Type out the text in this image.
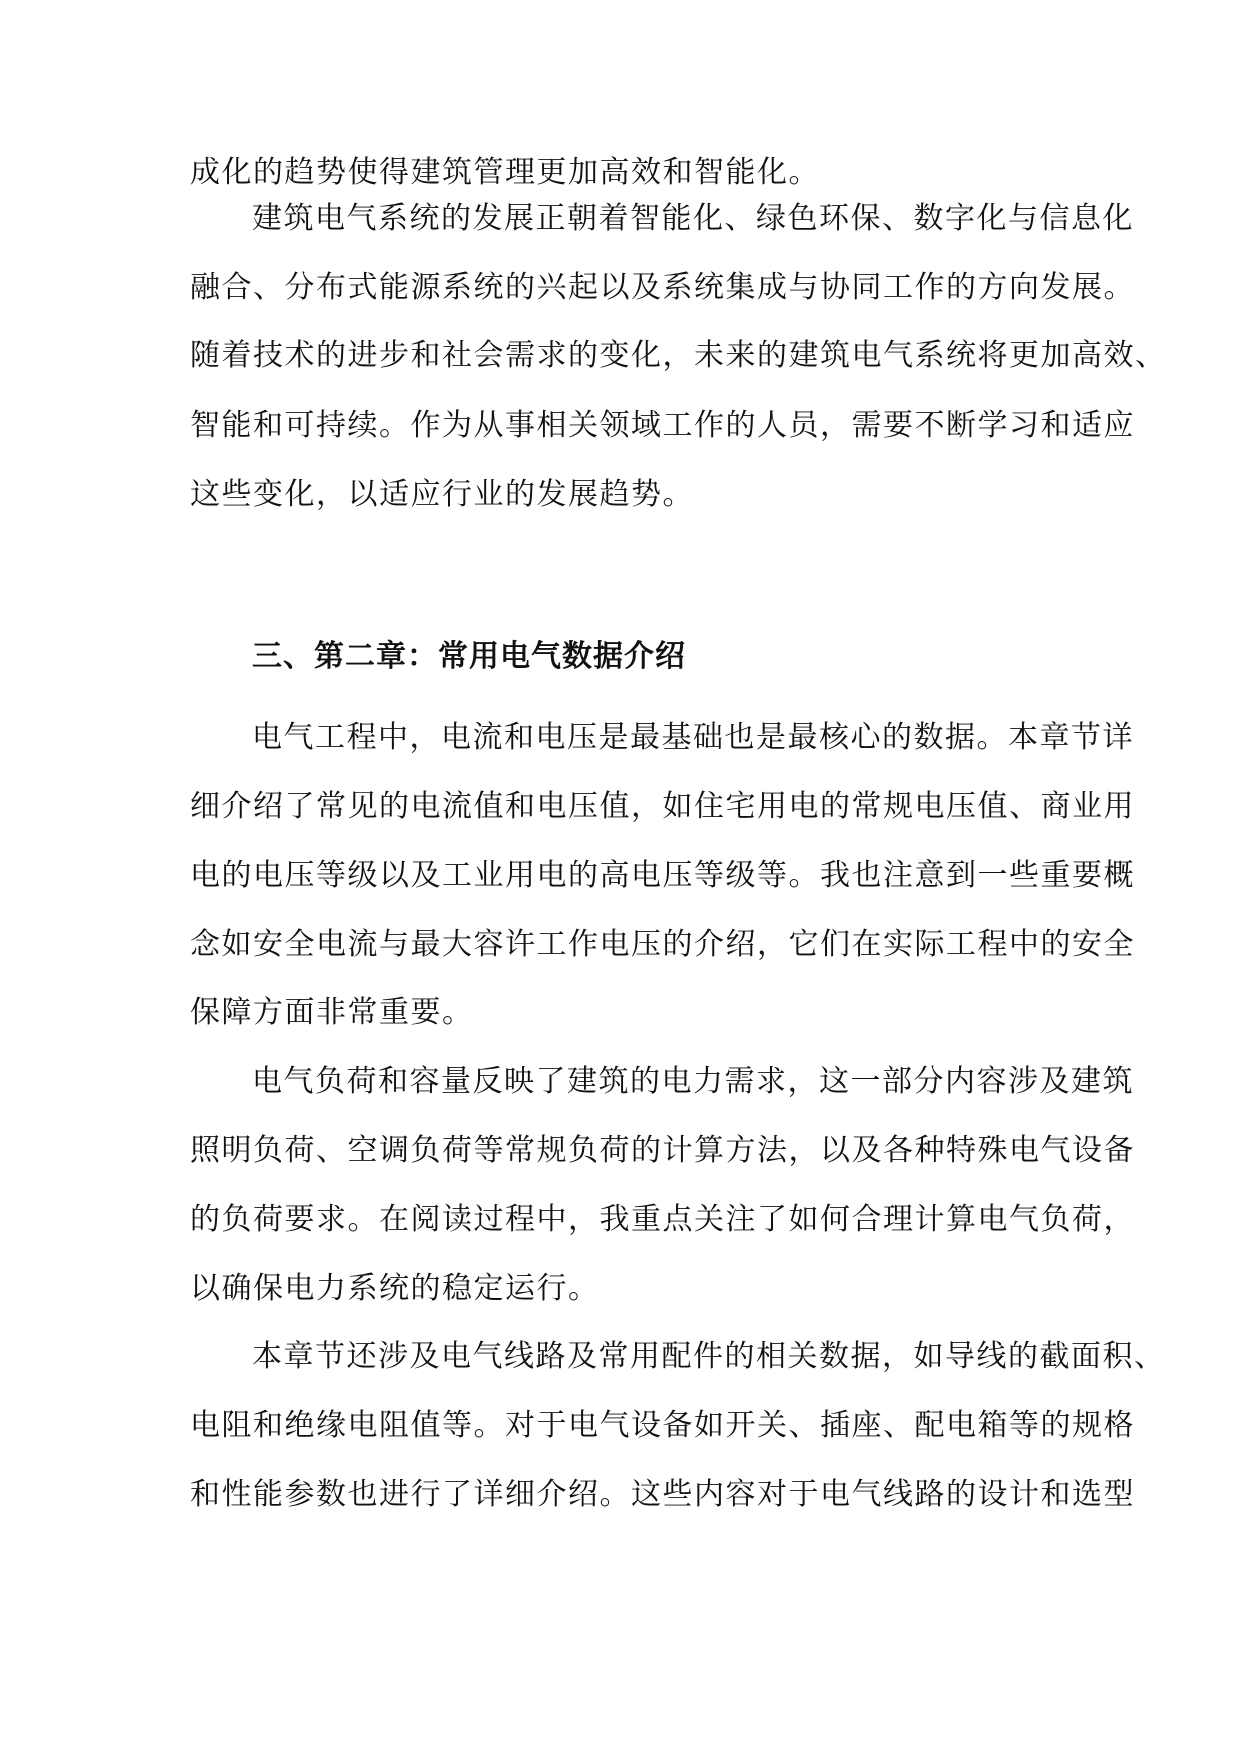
成化的趋势使得建筑管理更加高效和智能化。
建筑电气系统的发展正朝着智能化、绿色环保、数字化与信息化
融合、分布式能源系统的兴起以及系统集成与协同工作的方向发展。
随着技术的进步和社会需求的变化，未来的建筑电气系统将更加高效、
智能和可持续。作为从事相关领域工作的人员，需要不断学习和适应
这些变化，以适应行业的发展趋势。
三、第二章：常用电气数据介绍
电气工程中，电流和电压是最基础也是最核心的数据。本章节详
细介绍了常见的电流值和电压值，如住宅用电的常规电压值、商业用
电的电压等级以及工业用电的高电压等级等。我也注意到一些重要概
念如安全电流与最大容许工作电压的介绍，它们在实际工程中的安全
保障方面非常重要。
电气负荷和容量反映了建筑的电力需求，这一部分内容涉及建筑
照明负荷、空调负荷等常规负荷的计算方法，以及各种特殊电气设备
的负荷要求。在阅读过程中，我重点关注了如何合理计算电气负荷，
以确保电力系统的稳定运行。
本章节还涉及电气线路及常用配件的相关数据，如导线的截面积、
电阻和绝缘电阻值等。对于电气设备如开关、插座、配电箱等的规格
和性能参数也进行了详细介绍。这些内容对于电气线路的设计和选型
